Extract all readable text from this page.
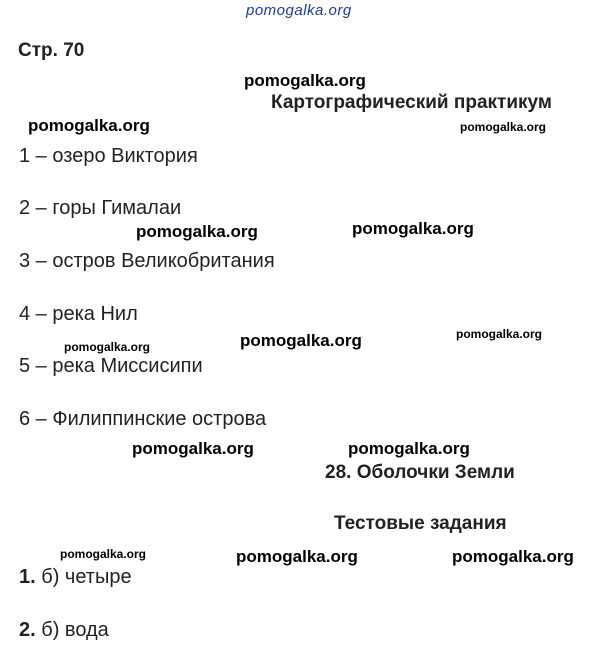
pomogalka.org
Стр. 70
pomogalka.org
Картографический практикум
pomogalka.org	pomogalka.org
1 – озеро Виктория
2 – горы Гималаи
pomogalka.org	pomogalka.org
3 – остров Великобритания
4 – река Нил
pomogalka.org
pomogalka.org
pomogalka.org
5 – река Миссисипи
6 – Филиппинские острова
pomogalka.org	pomogalka.org
28. Оболочки Земли
Тестовые задания
pomogalka.org	pomogalka.org	pomogalka.org
1. б) четыре
2. б) вода
